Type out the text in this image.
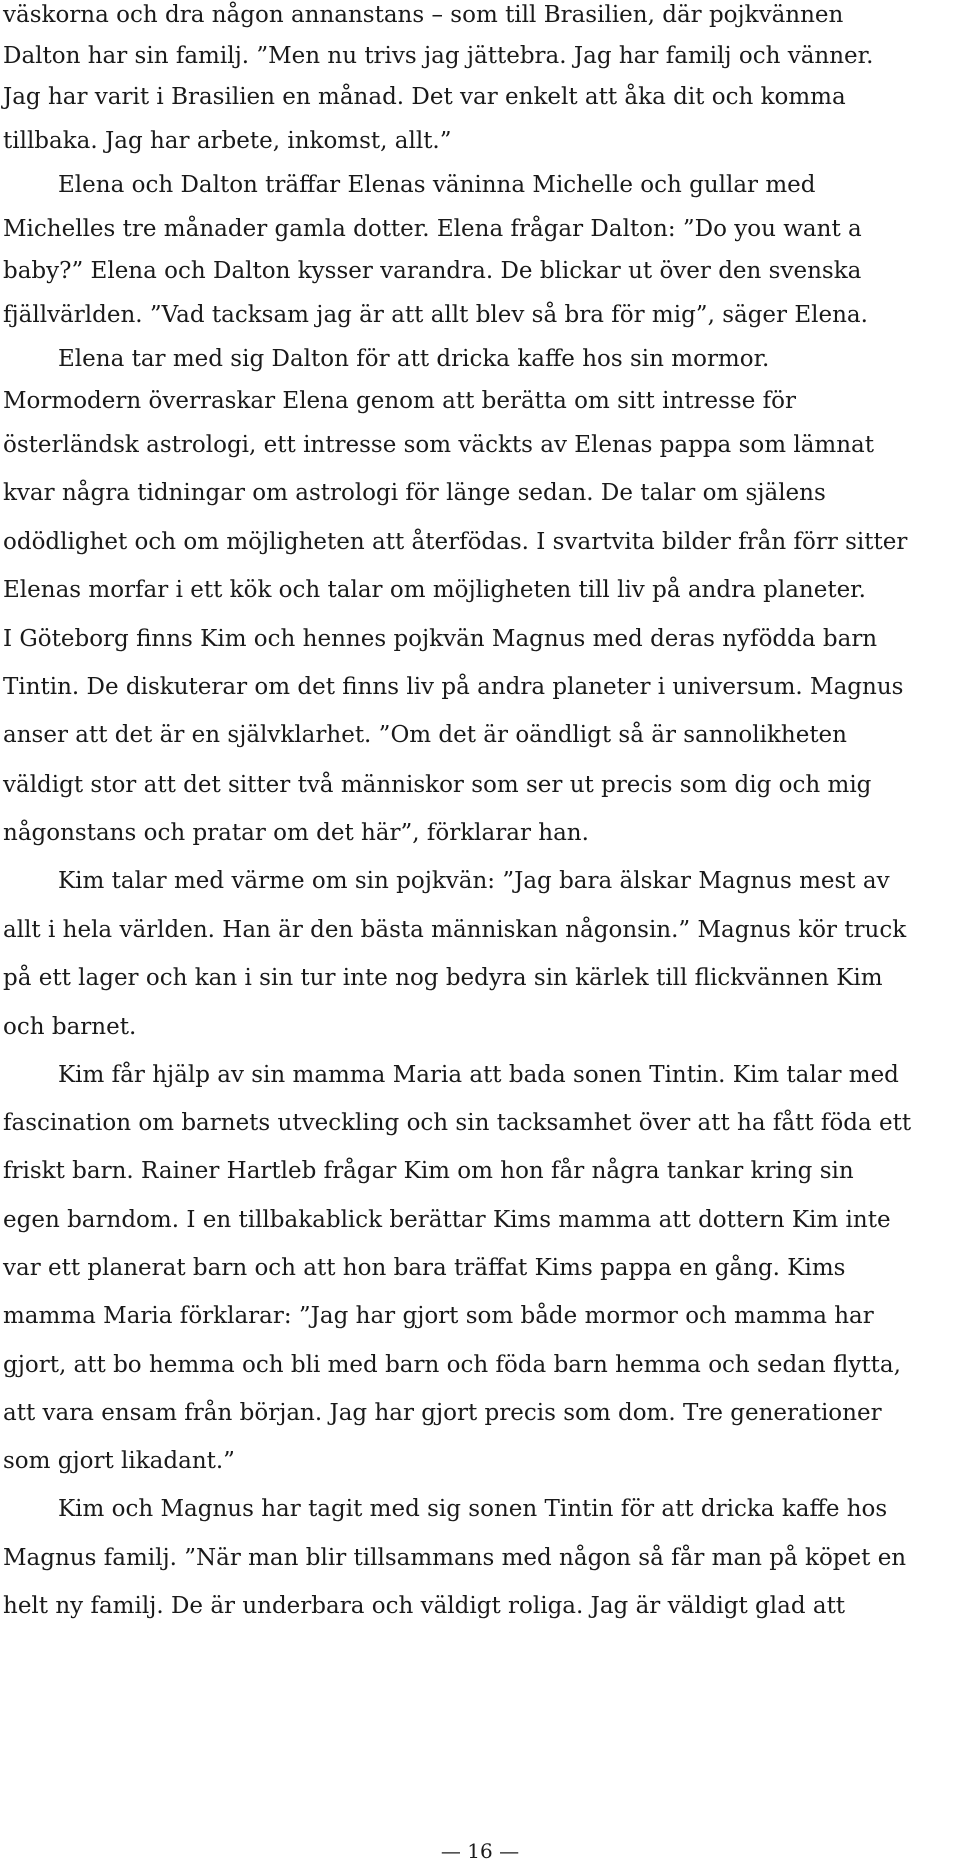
väskorna och dra någon annanstans – som till Brasilien, där pojkvännen
Dalton har sin familj. ”Men nu trivs jag jättebra. Jag har familj och vänner.
Jag har varit i Brasilien en månad. Det var enkelt att åka dit och komma
tillbaka. Jag har arbete, inkomst, allt.”
Elena och Dalton träffar Elenas väninna Michelle och gullar med
Michelles tre månader gamla dotter. Elena frågar Dalton: ”Do you want a
baby?” Elena och Dalton kysser varandra. De blickar ut över den svenska
fjällvärlden. ”Vad tacksam jag är att allt blev så bra för mig”, säger Elena.
Elena tar med sig Dalton för att dricka kaffe hos sin mormor.
Mormodern överraskar Elena genom att berätta om sitt intresse för
österländsk astrologi, ett intresse som väckts av Elenas pappa som lämnat
kvar några tidningar om astrologi för länge sedan. De talar om själens
odödlighet och om möjligheten att återfödas. I svartvita bilder från förr sitter
Elenas morfar i ett kök och talar om möjligheten till liv på andra planeter.
I Göteborg finns Kim och hennes pojkvän Magnus med deras nyfödda barn
Tintin. De diskuterar om det finns liv på andra planeter i universum. Magnus
anser att det är en självklarhet. ”Om det är oändligt så är sannolikheten
väldigt stor att det sitter två människor som ser ut precis som dig och mig
någonstans och pratar om det här”, förklarar han.
Kim talar med värme om sin pojkvän: ”Jag bara älskar Magnus mest av
allt i hela världen. Han är den bästa människan någonsin.” Magnus kör truck
på ett lager och kan i sin tur inte nog bedyra sin kärlek till flickvännen Kim
och barnet.
Kim får hjälp av sin mamma Maria att bada sonen Tintin. Kim talar med
fascination om barnets utveckling och sin tacksamhet över att ha fått föda ett
friskt barn. Rainer Hartleb frågar Kim om hon får några tankar kring sin
egen barndom. I en tillbakablick berättar Kims mamma att dottern Kim inte
var ett planerat barn och att hon bara träffat Kims pappa en gång. Kims
mamma Maria förklarar: ”Jag har gjort som både mormor och mamma har
gjort, att bo hemma och bli med barn och föda barn hemma och sedan flytta,
att vara ensam från början. Jag har gjort precis som dom. Tre generationer
som gjort likadant.”
Kim och Magnus har tagit med sig sonen Tintin för att dricka kaffe hos
Magnus familj. ”När man blir tillsammans med någon så får man på köpet en
helt ny familj. De är underbara och väldigt roliga. Jag är väldigt glad att
— 16 —
